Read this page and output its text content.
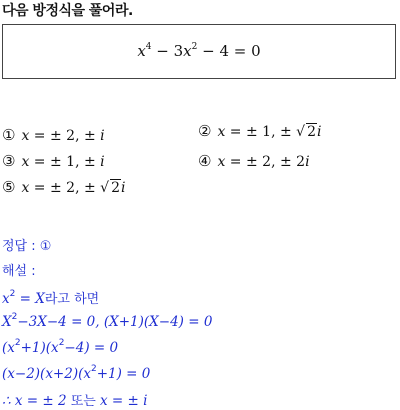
다음 방정식을 풀어라.
$x^4 - 3x^2 - 4 = 0$
① x = ± 2, ± i	② x = ± 1, ± √ 2i
③ x = ± 1, ± i	④ x = ± 2, ± 2i
⑤ x = ± 2, ± √ 2i
정답 : ①
해설 :
$x^2 = X$라고 하면
$X^2-3X-4 = 0$, (X+1)(X−4) = 0
$(x^2+1)(x^2-4) = 0$
$(x-2)(x+2)(x^2+1) = 0$
∴ x = ± 2 또는 x = ± i
